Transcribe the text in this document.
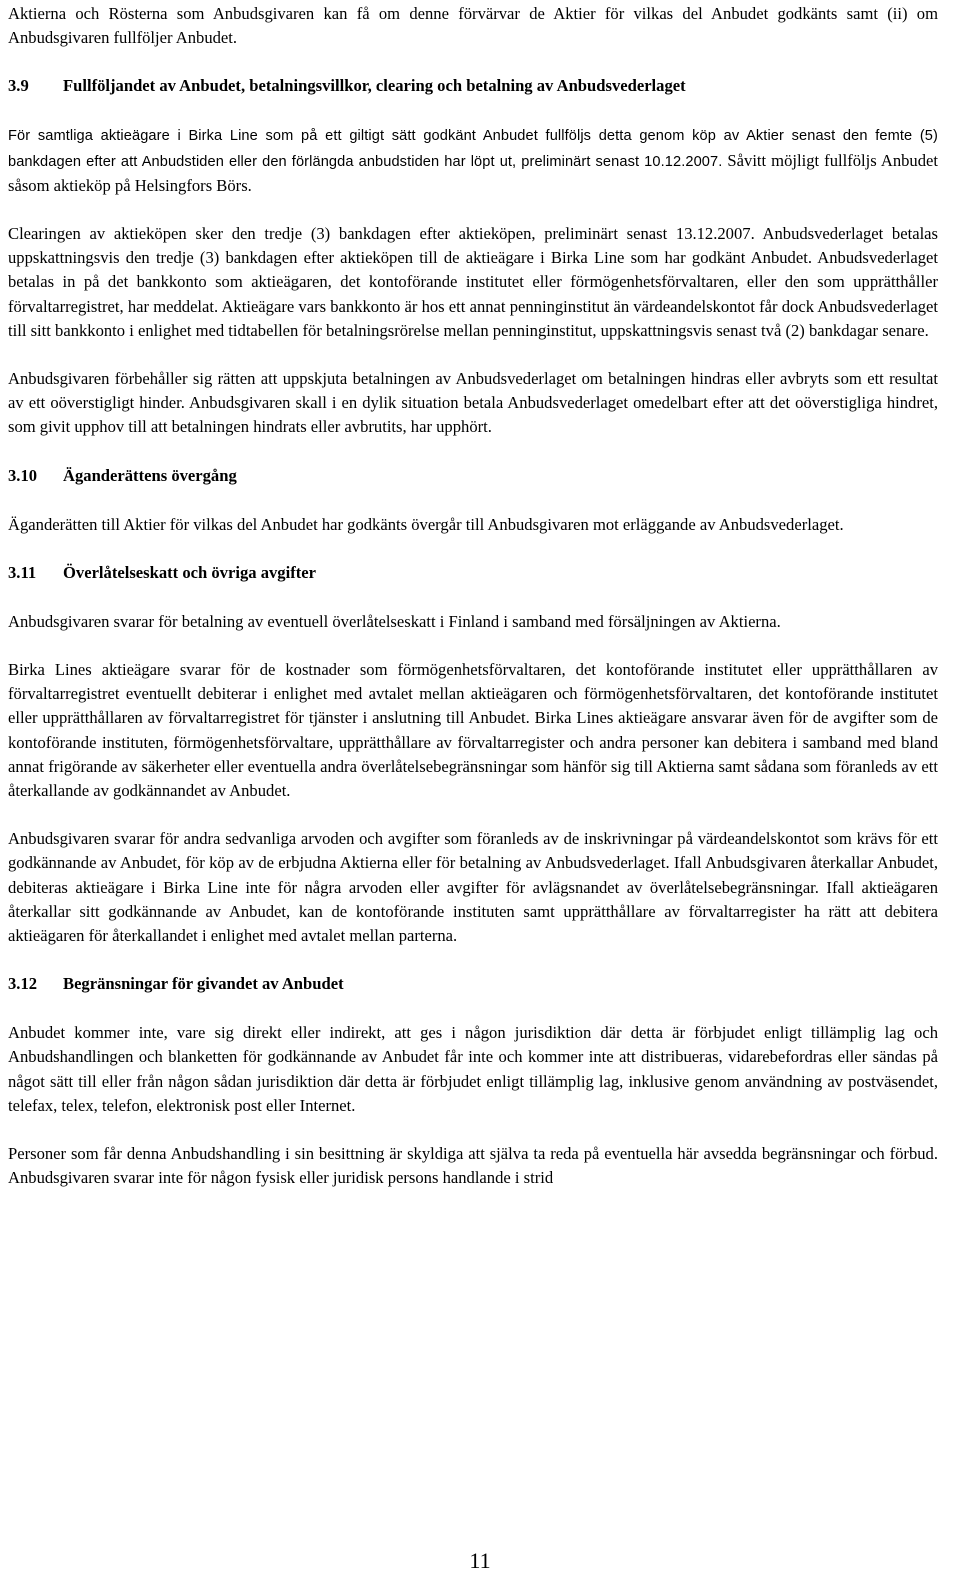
Aktierna och Rösterna som Anbudsgivaren kan få om denne förvärvar de Aktier för vilkas del Anbudet godkänts samt (ii) om Anbudsgivaren fullföljer Anbudet.

3.9	Fullföljandet av Anbudet, betalningsvillkor, clearing och betalning av Anbudsvederlaget

För samtliga aktieägare i Birka Line som på ett giltigt sätt godkänt Anbudet fullföljs detta genom köp av Aktier senast den femte (5) bankdagen efter att Anbudstiden eller den förlängda anbudstiden har löpt ut, preliminärt senast 10.12.2007. Såvitt möjligt fullföljs Anbudet såsom aktieköp på Helsingfors Börs.

Clearingen av aktieköpen sker den tredje (3) bankdagen efter aktieköpen, preliminärt senast 13.12.2007. Anbudsvederlaget betalas uppskattningsvis den tredje (3) bankdagen efter aktieköpen till de aktieägare i Birka Line som har godkänt Anbudet. Anbudsvederlaget betalas in på det bankkonto som aktieägaren, det kontoförande institutet eller förmögenhetsförvaltaren, eller den som upprätthåller förvaltarregistret, har meddelat. Aktieägare vars bankkonto är hos ett annat penninginstitut än värdeandelskontot får dock Anbudsvederlaget till sitt bankkonto i enlighet med tidtabellen för betalningsrörelse mellan penninginstitut, uppskattningsvis senast två (2) bankdagar senare.

Anbudsgivaren förbehåller sig rätten att uppskjuta betalningen av Anbudsvederlaget om betalningen hindras eller avbryts som ett resultat av ett oöverstigligt hinder. Anbudsgivaren skall i en dylik situation betala Anbudsvederlaget omedelbart efter att det oöverstigliga hindret, som givit upphov till att betalningen hindrats eller avbrutits, har upphört.

3.10	Äganderättens övergång

Äganderätten till Aktier för vilkas del Anbudet har godkänts övergår till Anbudsgivaren mot erläggande av Anbudsvederlaget.

3.11	Överlåtelseskatt och övriga avgifter

Anbudsgivaren svarar för betalning av eventuell överlåtelseskatt i Finland i samband med försäljningen av Aktierna.

Birka Lines aktieägare svarar för de kostnader som förmögenhetsförvaltaren, det kontoförande institutet eller upprätthållaren av förvaltarregistret eventuellt debiterar i enlighet med avtalet mellan aktieägaren och förmögenhetsförvaltaren, det kontoförande institutet eller upprätthållaren av förvaltarregistret för tjänster i anslutning till Anbudet. Birka Lines aktieägare ansvarar även för de avgifter som de kontoförande instituten, förmögenhetsförvaltare, upprätthållare av förvaltarregister och andra personer kan debitera i samband med bland annat frigörande av säkerheter eller eventuella andra överlåtelsebegränsningar som hänför sig till Aktierna samt sådana som föranleds av ett återkallande av godkännandet av Anbudet.

Anbudsgivaren svarar för andra sedvanliga arvoden och avgifter som föranleds av de inskrivningar på värdeandelskontot som krävs för ett godkännande av Anbudet, för köp av de erbjudna Aktierna eller för betalning av Anbudsvederlaget. Ifall Anbudsgivaren återkallar Anbudet, debiteras aktieägare i Birka Line inte för några arvoden eller avgifter för avlägsnandet av överlåtelsebegränsningar. Ifall aktieägaren återkallar sitt godkännande av Anbudet, kan de kontoförande instituten samt upprätthållare av förvaltarregister ha rätt att debitera aktieägaren för återkallandet i enlighet med avtalet mellan parterna.

3.12	Begränsningar för givandet av Anbudet

Anbudet kommer inte, vare sig direkt eller indirekt, att ges i någon jurisdiktion där detta är förbjudet enligt tillämplig lag och Anbudshandlingen och blanketten för godkännande av Anbudet får inte och kommer inte att distribueras, vidarebefordras eller sändas på något sätt till eller från någon sådan jurisdiktion där detta är förbjudet enligt tillämplig lag, inklusive genom användning av postväsendet, telefax, telex, telefon, elektronisk post eller Internet.

Personer som får denna Anbudshandling i sin besittning är skyldiga att själva ta reda på eventuella här avsedda begränsningar och förbud. Anbudsgivaren svarar inte för någon fysisk eller juridisk persons handlande i strid

11
